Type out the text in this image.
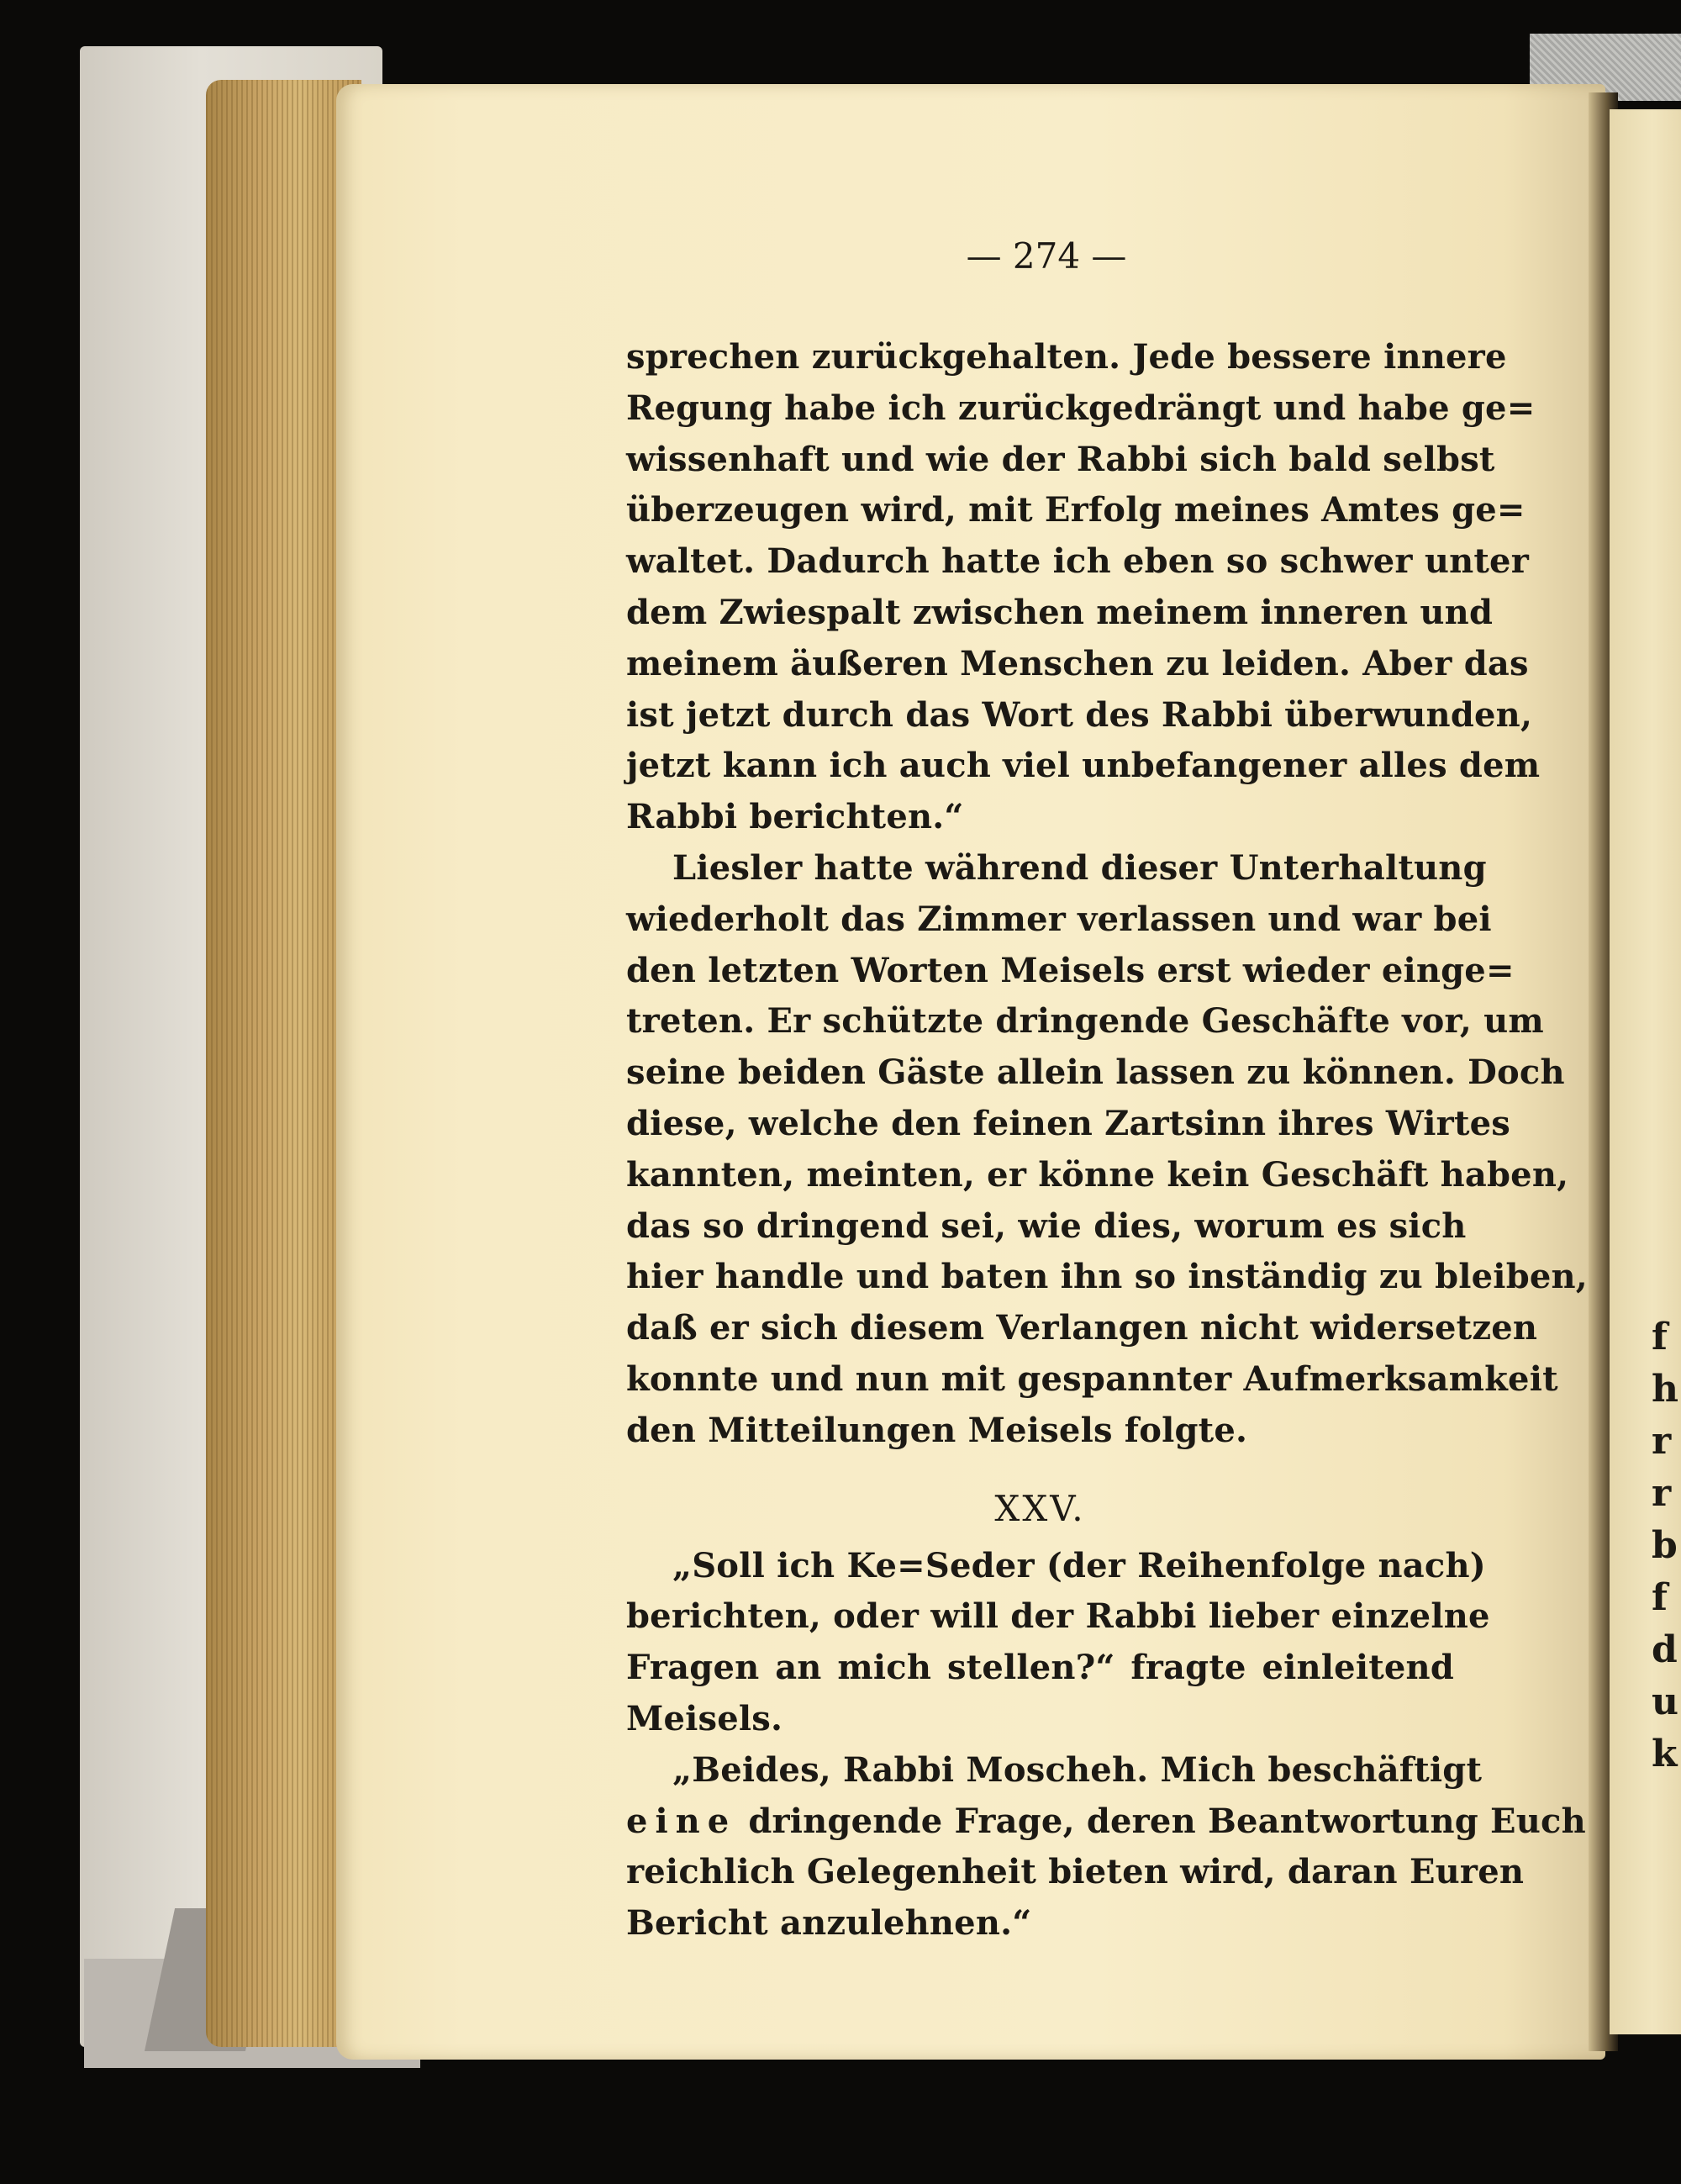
f
h
r
r
b
f
d
u
k
— 274 —
sprechen zurückgehalten. Jede bessere innere
Regung habe ich zurückgedrängt und habe ge=
wissenhaft und wie der Rabbi sich bald selbst
überzeugen wird, mit Erfolg meines Amtes ge=
waltet. Dadurch hatte ich eben so schwer unter
dem Zwiespalt zwischen meinem inneren und
meinem äußeren Menschen zu leiden. Aber das
ist jetzt durch das Wort des Rabbi überwunden,
jetzt kann ich auch viel unbefangener alles dem
Rabbi berichten.“
Liesler hatte während dieser Unterhaltung
wiederholt das Zimmer verlassen und war bei
den letzten Worten Meisels erst wieder einge=
treten. Er schützte dringende Geschäfte vor, um
seine beiden Gäste allein lassen zu können. Doch
diese, welche den feinen Zartsinn ihres Wirtes
kannten, meinten, er könne kein Geschäft haben,
das so dringend sei, wie dies, worum es sich
hier handle und baten ihn so inständig zu bleiben,
daß er sich diesem Verlangen nicht widersetzen
konnte und nun mit gespannter Aufmerksamkeit
den Mitteilungen Meisels folgte.
XXV.
„Soll ich Ke=Seder (der Reihenfolge nach)
berichten, oder will der Rabbi lieber einzelne
Fragen an mich stellen?“ fragte einleitend
Meisels.
„Beides, Rabbi Moscheh. Mich beschäftigt
eine dringende Frage, deren Beantwortung Euch
reichlich Gelegenheit bieten wird, daran Euren
Bericht anzulehnen.“
